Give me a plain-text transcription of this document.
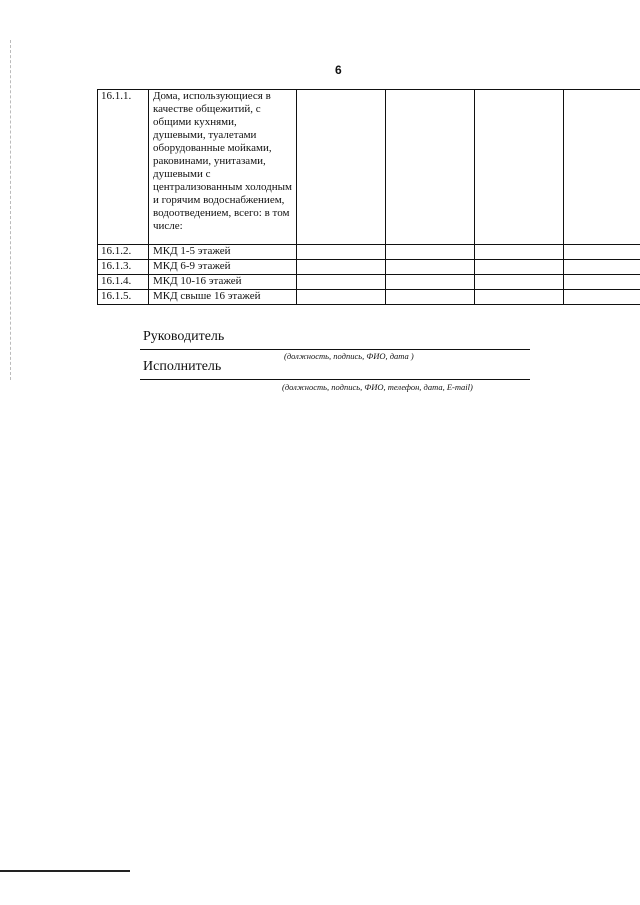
6
16.1.1.	Дома, использующиеся в качестве общежитий, с общими кухнями, душевыми, туалетами оборудованные мойками, раковинами, унитазами, душевыми с централизованным холодным и горячим водоснабжением, водоотведением, всего: в том числе:				
16.1.2.	МКД 1-5 этажей				
16.1.3.	МКД 6-9 этажей				
16.1.4.	МКД 10-16 этажей				
16.1.5.	МКД свыше 16 этажей				
Руководитель
(должность, подпись, ФИО, дата )
Исполнитель
(должность, подпись, ФИО, телефон, дата, E-mail)
